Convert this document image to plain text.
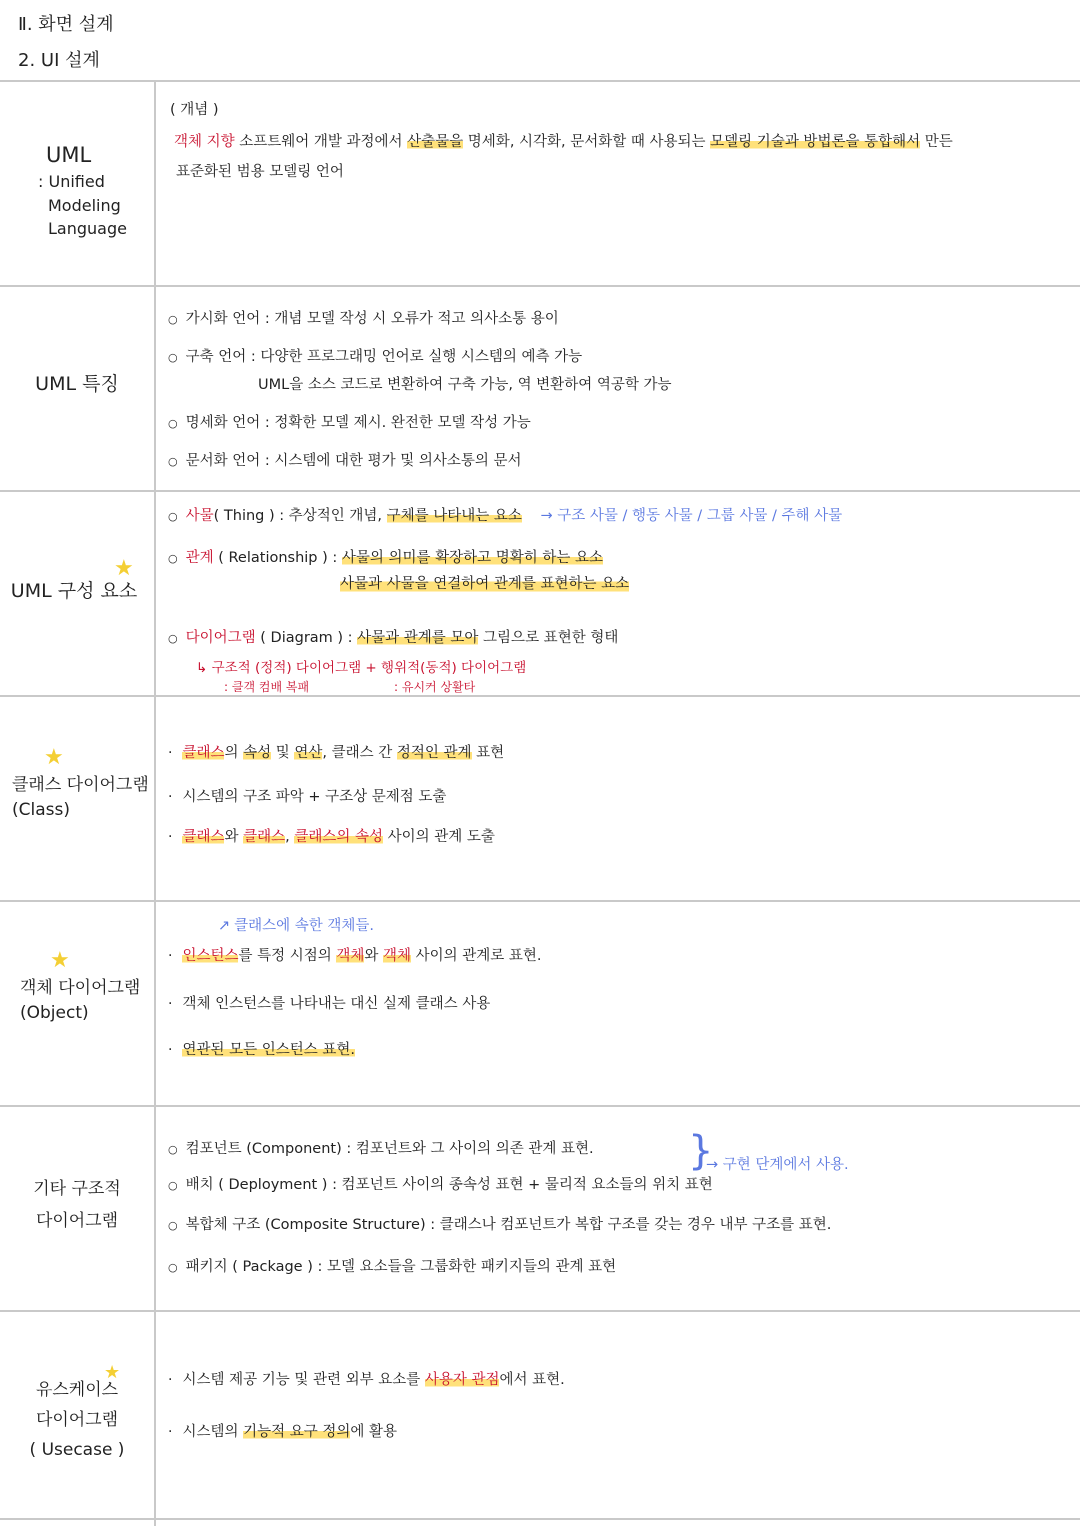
Ⅱ. 화면 설계
2. UI 설계
UML
: Unified
Modeling
Language
( 개념 )
객체 지향 소프트웨어 개발 과정에서 산출물을 명세화, 시각화, 문서화할 때 사용되는 모델링 기술과 방법론을 통합해서 만든
표준화된 범용 모델링 언어
UML 특징
○ 가시화 언어 : 개념 모델 작성 시 오류가 적고 의사소통 용이
○ 구축 언어 : 다양한 프로그래밍 언어로 실행 시스템의 예측 가능
UML을 소스 코드로 변환하여 구축 가능, 역 변환하여 역공학 가능
○ 명세화 언어 : 정확한 모델 제시. 완전한 모델 작성 가능
○ 문서화 언어 : 시스템에 대한 평가 및 의사소통의 문서
UML 구성 요소
★
○ 사물( Thing ) : 추상적인 개념, 구체를 나타내는 요소 → 구조 사물 / 행동 사물 / 그룹 사물 / 주해 사물
○ 관계 ( Relationship ) : 사물의 의미를 확장하고 명확히 하는 요소
사물과 사물을 연결하여 관계를 표현하는 요소
○ 다이어그램 ( Diagram ) : 사물과 관계를 모아 그림으로 표현한 형태
↳ 구조적 (정적) 다이어그램 + 행위적(동적) 다이어그램
: 클객 컴배 복패	: 유시커 상활타
★
클래스 다이어그램
(Class)
· 클래스의 속성 및 연산, 클래스 간 정적인 관계 표현
· 시스템의 구조 파악 + 구조상 문제점 도출
· 클래스와 클래스, 클래스의 속성 사이의 관계 도출
★
객체 다이어그램
(Object)
↗ 클래스에 속한 객체들.
· 인스턴스를 특정 시점의 객체와 객체 사이의 관계로 표현.
· 객체 인스턴스를 나타내는 대신 실제 클래스 사용
· 연관된 모든 인스턴스 표현.
기타 구조적
다이어그램
○ 컴포넌트 (Component) : 컴포넌트와 그 사이의 의존 관계 표현.
○ 배치 ( Deployment ) : 컴포넌트 사이의 종속성 표현 + 물리적 요소들의 위치 표현
○ 복합체 구조 (Composite Structure) : 클래스나 컴포넌트가 복합 구조를 갖는 경우 내부 구조를 표현.
○ 패키지 ( Package ) : 모델 요소들을 그룹화한 패키지들의 관계 표현
}
→ 구현 단계에서 사용.
★
유스케이스
다이어그램
( Usecase )
· 시스템 제공 기능 및 관련 외부 요소를 사용자 관점에서 표현.
· 시스템의 기능적 요구 정의에 활용
